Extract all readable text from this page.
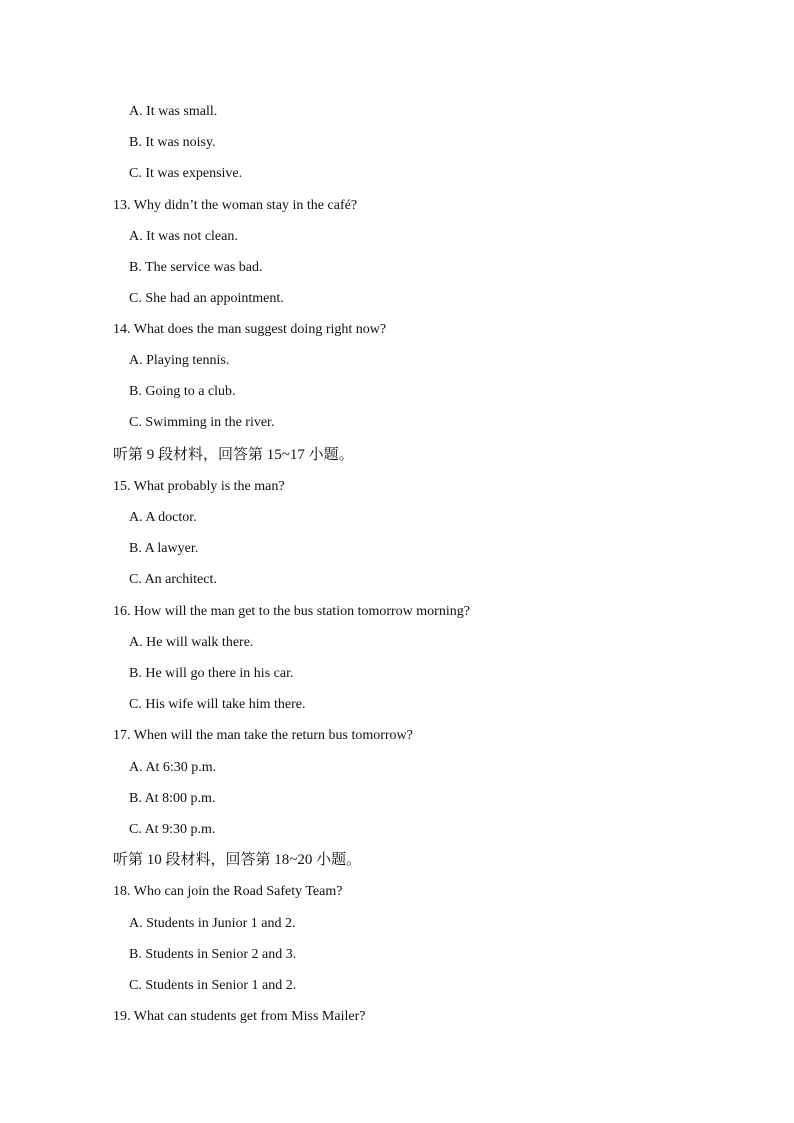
A. It was small.
B. It was noisy.
C. It was expensive.
13. Why didn’t the woman stay in the café?
A. It was not clean.
B. The service was bad.
C. She had an appointment.
14. What does the man suggest doing right now?
A. Playing tennis.
B. Going to a club.
C. Swimming in the river.
听第 9 段材料，回答第 15~17 小题。
15. What probably is the man?
A. A doctor.
B. A lawyer.
C. An architect.
16. How will the man get to the bus station tomorrow morning?
A. He will walk there.
B. He will go there in his car.
C. His wife will take him there.
17. When will the man take the return bus tomorrow?
A. At 6:30 p.m.
B. At 8:00 p.m.
C. At 9:30 p.m.
听第 10 段材料，回答第 18~20 小题。
18. Who can join the Road Safety Team?
A. Students in Junior 1 and 2.
B. Students in Senior 2 and 3.
C. Students in Senior 1 and 2.
19. What can students get from Miss Mailer?
